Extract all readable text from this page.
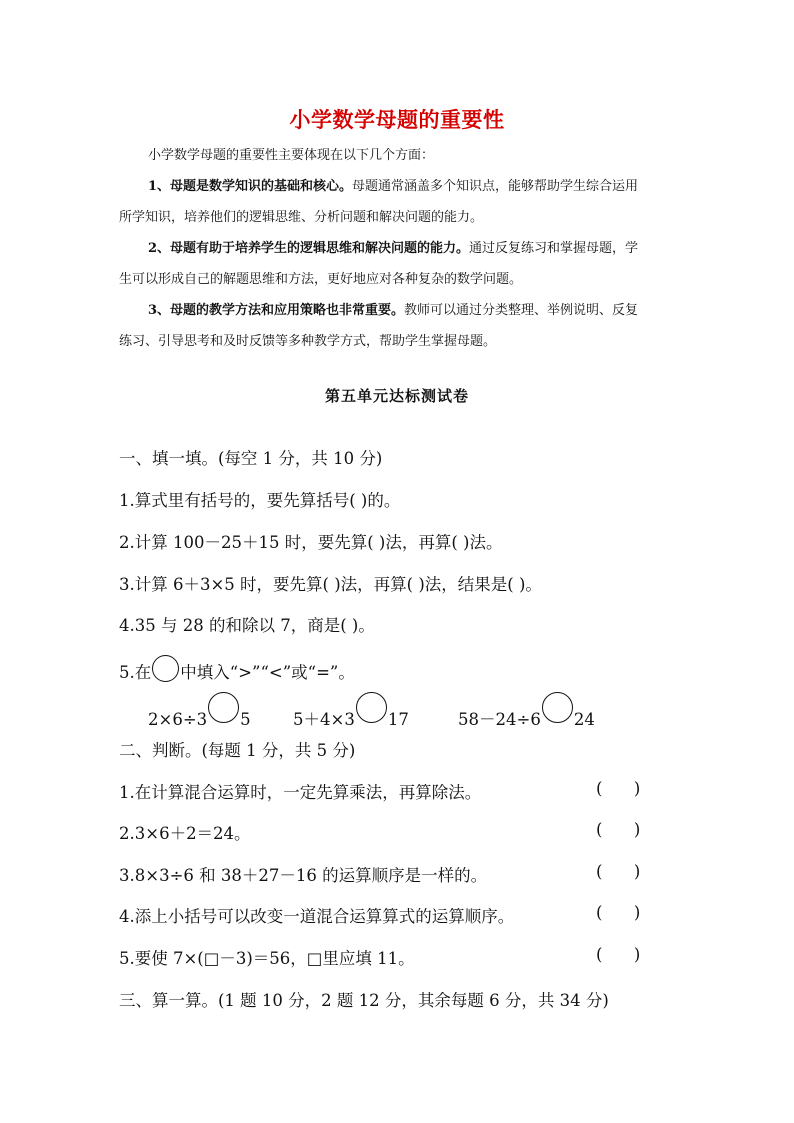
小学数学母题的重要性
小学数学母题的重要性主要体现在以下几个方面：
1、母题是数学知识的基础和核心。母题通常涵盖多个知识点，能够帮助学生综合运用
所学知识，培养他们的逻辑思维、分析问题和解决问题的能力。
2、母题有助于培养学生的逻辑思维和解决问题的能力。通过反复练习和掌握母题，学
生可以形成自己的解题思维和方法，更好地应对各种复杂的数学问题。
3、母题的教学方法和应用策略也非常重要。教师可以通过分类整理、举例说明、反复
练习、引导思考和及时反馈等多种教学方式，帮助学生掌握母题。
第五单元达标测试卷
一、填一填。(每空 1 分，共 10 分)
1.算式里有括号的，要先算括号( )的。
2.计算 100－25＋15 时，要先算( )法，再算( )法。
3.计算 6＋3×5 时，要先算( )法，再算( )法，结果是( )。
4.35 与 28 的和除以 7，商是( )。
5.在 中填入“>”“<”或“=”。
2×6÷3 5	5＋4×3 17	58－24÷6 24
二、判断。(每题 1 分，共 5 分)
1.在计算混合运算时，一定先算乘法，再算除法。	(      )
2.3×6＋2＝24。	(      )
3.8×3÷6 和 38＋27－16 的运算顺序是一样的。	(      )
4.添上小括号可以改变一道混合运算算式的运算顺序。	(      )
5.要使 7×(□－3)＝56，□里应填 11。	(      )
三、算一算。(1 题 10 分，2 题 12 分，其余每题 6 分，共 34 分)
